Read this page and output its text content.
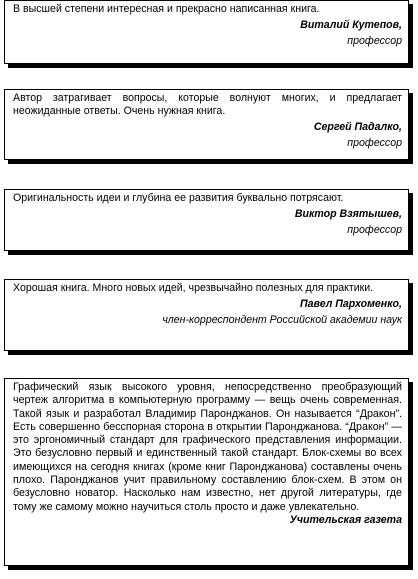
В высшей степени интересная и прекрасно написанная книга.

Виталий Кутепов,
профессор

Автор затрагивает вопросы, которые волнуют многих, и предлагает неожиданные ответы. Очень нужная книга.

Сергей Падалко,
профессор

Оригинальность идеи и глубина ее развития буквально потрясают.

Виктор Взятышев,
профессор

Хорошая книга. Много новых идей, чрезвычайно полезных для практики.

Павел Пархоменко,
член-корреспондент Российской академии наук

Графический язык высокого уровня, непосредственно преобразующий чертеж алгоритма в компьютерную программу — вещь очень современная. Такой язык и разработал Владимир Паронджанов. Он называется “Дракон”. Есть совершенно бесспорная сторона в открытии Паронджанова. “Дракон” — это эргономичный стандарт для графического представления информации. Это безусловно первый и единственный такой стандарт. Блок-схемы во всех имеющихся на сегодня книгах (кроме книг Паронджанова) составлены очень плохо. Паронджанов учит правильному составлению блок-схем. В этом он безусловно новатор. Насколько нам известно, нет другой литературы, где тому же самому можно научиться столь просто и даже увлекательно.

Учительская газета
